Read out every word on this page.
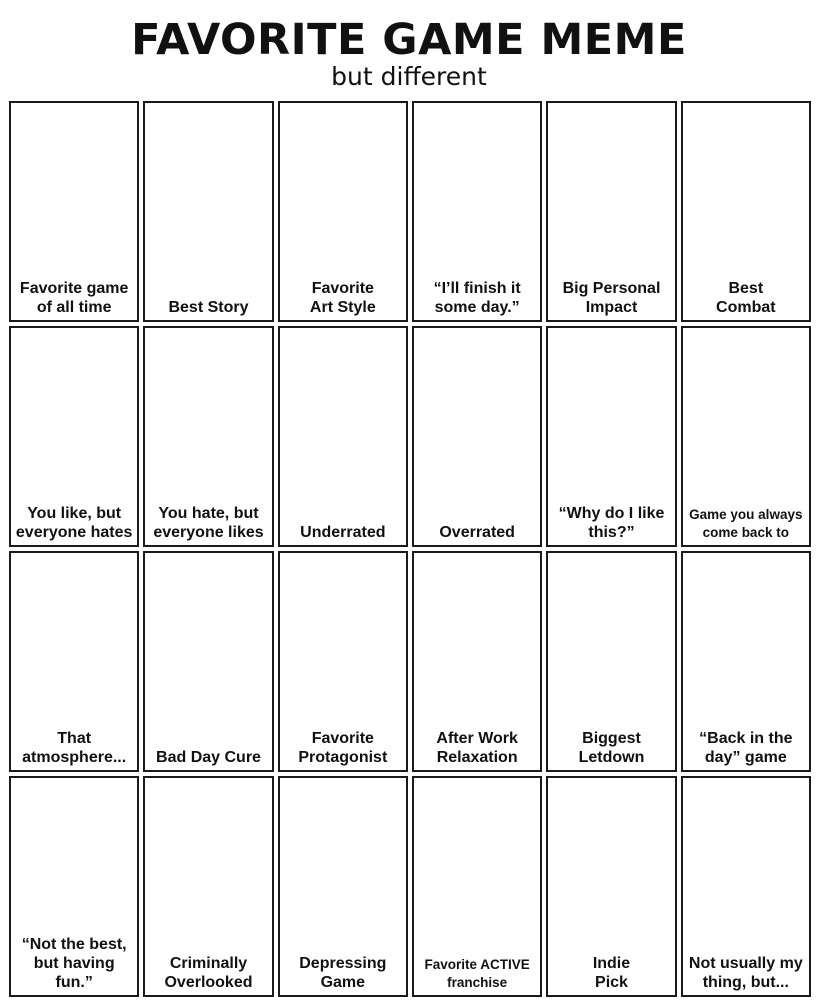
FAVORITE GAME MEME
but different
Favorite game
of all time	Best Story
Favorite
Art Style
“I’ll finish it
some day.”
Big Personal
Impact
Best
Combat
You like, but
everyone hates
You hate, but
everyone likes	Underrated	Overrated
“Why do I like
this?”
Game you always
come back to
That
atmosphere...	Bad Day Cure
Favorite
Protagonist
After Work
Relaxation
Biggest
Letdown
“Back in the
day” game
“Not the best,
but having fun.”
Criminally
Overlooked
Depressing
Game
Favorite ACTIVE
franchise
Indie
Pick
Not usually my
thing, but...
